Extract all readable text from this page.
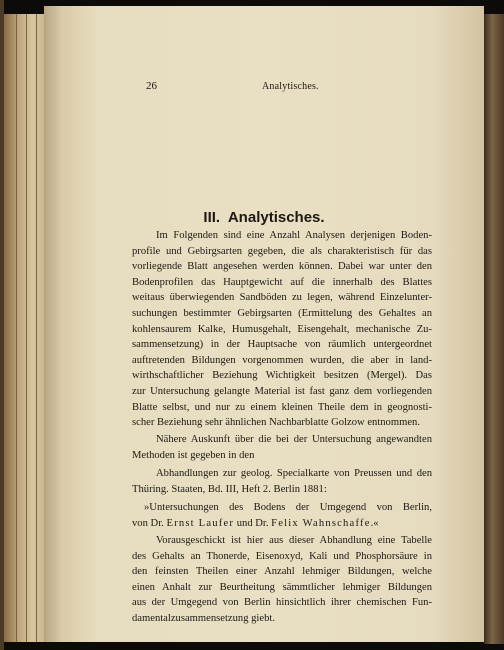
26	Analytisches.
III.  Analytisches.

Im Folgenden sind eine Anzahl Analysen derjenigen Boden-

profile und Gebirgsarten gegeben, die als charakteristisch für das

vorliegende Blatt angesehen werden können. Dabei war unter den

Bodenprofilen das Hauptgewicht auf die innerhalb des Blattes

weitaus überwiegenden Sandböden zu legen, während Einzelunter-

suchungen bestimmter Gebirgsarten (Ermittelung des Gehaltes an

kohlensaurem Kalke, Humusgehalt, Eisengehalt, mechanische Zu-

sammensetzung) in der Hauptsache von räumlich untergeordnet

auftretenden Bildungen vorgenommen wurden, die aber in land-

wirthschaftlicher Beziehung Wichtigkeit besitzen (Mergel). Das

zur Untersuchung gelangte Material ist fast ganz dem vorliegenden

Blatte selbst, und nur zu einem kleinen Theile dem in geognosti-

scher Beziehung sehr ähnlichen Nachbarblatte Golzow entnommen.

Nähere Auskunft über die bei der Untersuchung angewandten

Methoden ist gegeben in den

Abhandlungen zur geolog. Specialkarte von Preussen und den

Thüring. Staaten, Bd. III, Heft 2. Berlin 1881:

»Untersuchungen des Bodens der Umgegend von Berlin,

von Dr. Ernst Laufer und Dr. Felix Wahnschaffe.«

Vorausgeschickt ist hier aus dieser Abhandlung eine Tabelle

des Gehalts an Thonerde, Eisenoxyd, Kali und Phosphorsäure in

den feinsten Theilen einer Anzahl lehmiger Bildungen, welche

einen Anhalt zur Beurtheitung sämmtlicher lehmiger Bildungen

aus der Umgegend von Berlin hinsichtlich ihrer chemischen Fun-

damentalzusammensetzung giebt.
